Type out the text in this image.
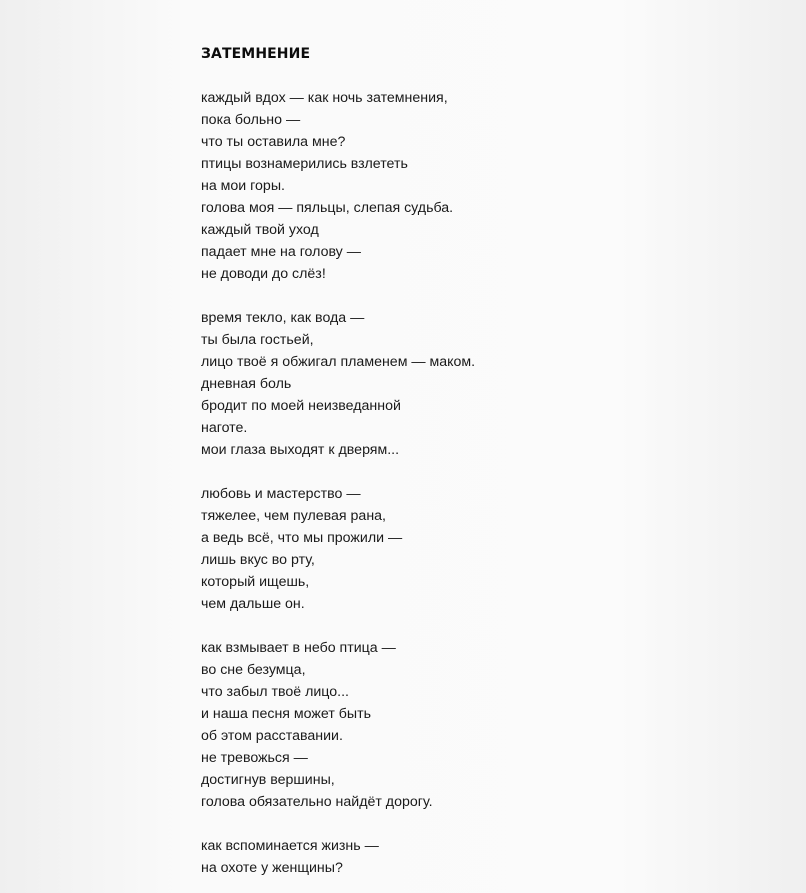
ЗАТЕМНЕНИЕ
каждый вдох — как ночь затемнения,
пока больно —
что ты оставила мне?
птицы вознамерились взлететь
на мои горы.
голова моя — пяльцы, слепая судьба.
каждый твой уход
падает мне на голову —
не доводи до слёз!
время текло, как вода —
ты была гостьей,
лицо твоё я обжигал пламенем — маком.
дневная боль
бродит по моей неизведанной
наготе.
мои глаза выходят к дверям...
любовь и мастерство —
тяжелее, чем пулевая рана,
а ведь всё, что мы прожили —
лишь вкус во рту,
который ищешь,
чем дальше он.
как взмывает в небо птица —
во сне безумца,
что забыл твоё лицо...
и наша песня может быть
об этом расставании.
не тревожься —
достигнув вершины,
голова обязательно найдёт дорогу.
как вспоминается жизнь —
на охоте у женщины?
